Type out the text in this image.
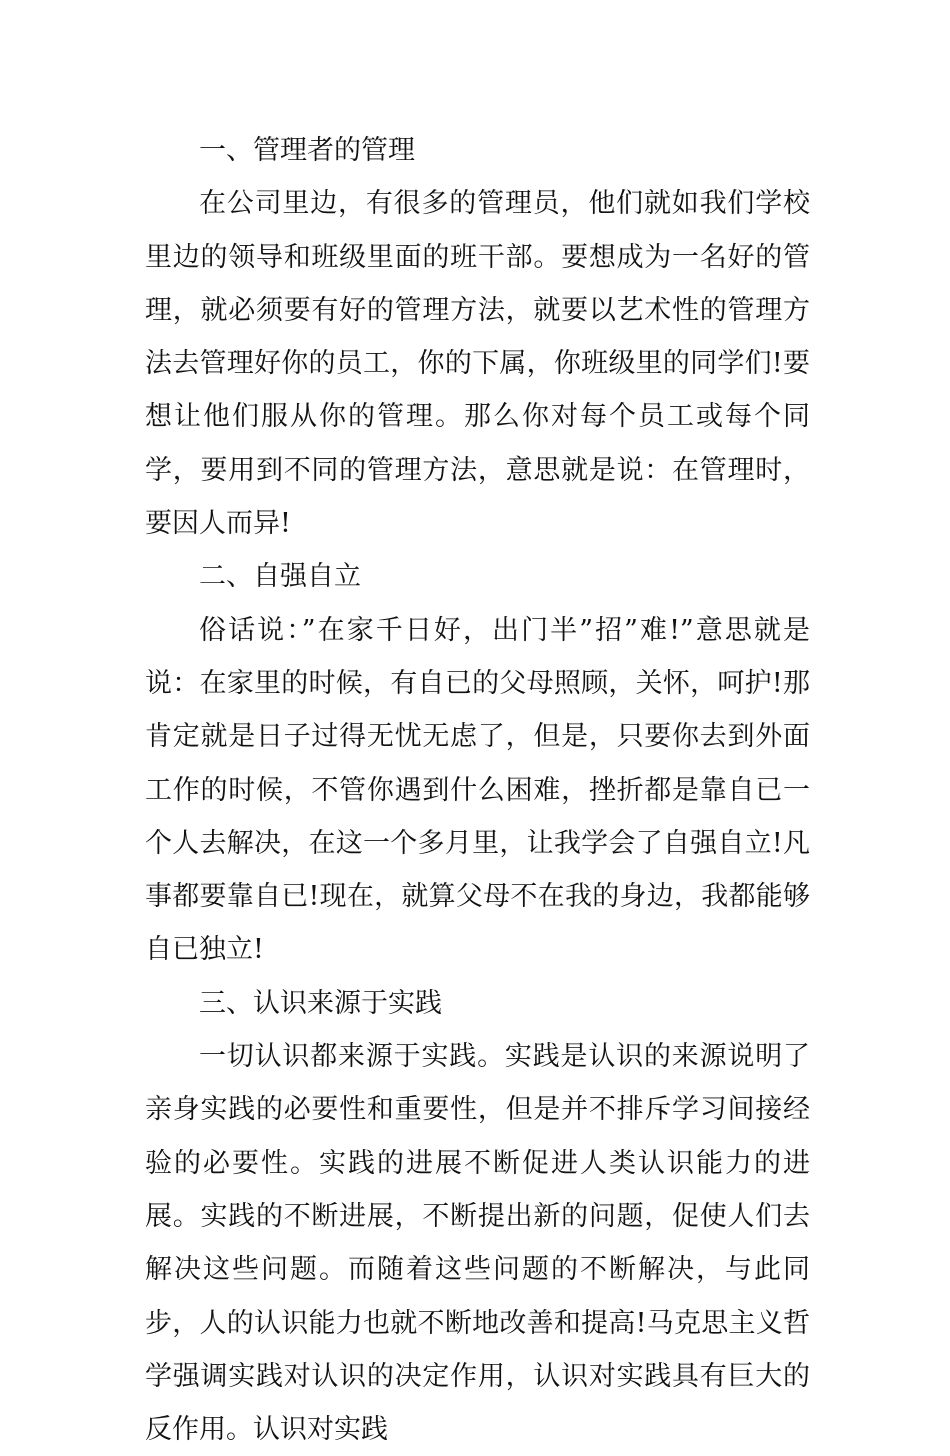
一、管理者的管理

在公司里边，有很多的管理员，他们就如我们学校里边的领导和班级里面的班干部。要想成为一名好的管理，就必须要有好的管理方法，就要以艺术性的管理方法去管理好你的员工，你的下属，你班级里的同学们!要想让他们服从你的管理。那么你对每个员工或每个同学，要用到不同的管理方法，意思就是说：在管理时，要因人而异!

二、自强自立

俗话说：”在家千日好，出门半”招”难!”意思就是说：在家里的时候，有自已的父母照顾，关怀，呵护!那肯定就是日子过得无忧无虑了，但是，只要你去到外面工作的时候，不管你遇到什么困难，挫折都是靠自已一个人去解决，在这一个多月里，让我学会了自强自立!凡事都要靠自已!现在，就算父母不在我的身边，我都能够自已独立!

三、认识来源于实践

一切认识都来源于实践。实践是认识的来源说明了亲身实践的必要性和重要性，但是并不排斥学习间接经验的必要性。实践的进展不断促进人类认识能力的进展。实践的不断进展，不断提出新的问题，促使人们去解决这些问题。而随着这些问题的不断解决，与此同步，人的认识能力也就不断地改善和提高!马克思主义哲学强调实践对认识的决定作用，认识对实践具有巨大的反作用。认识对实践
